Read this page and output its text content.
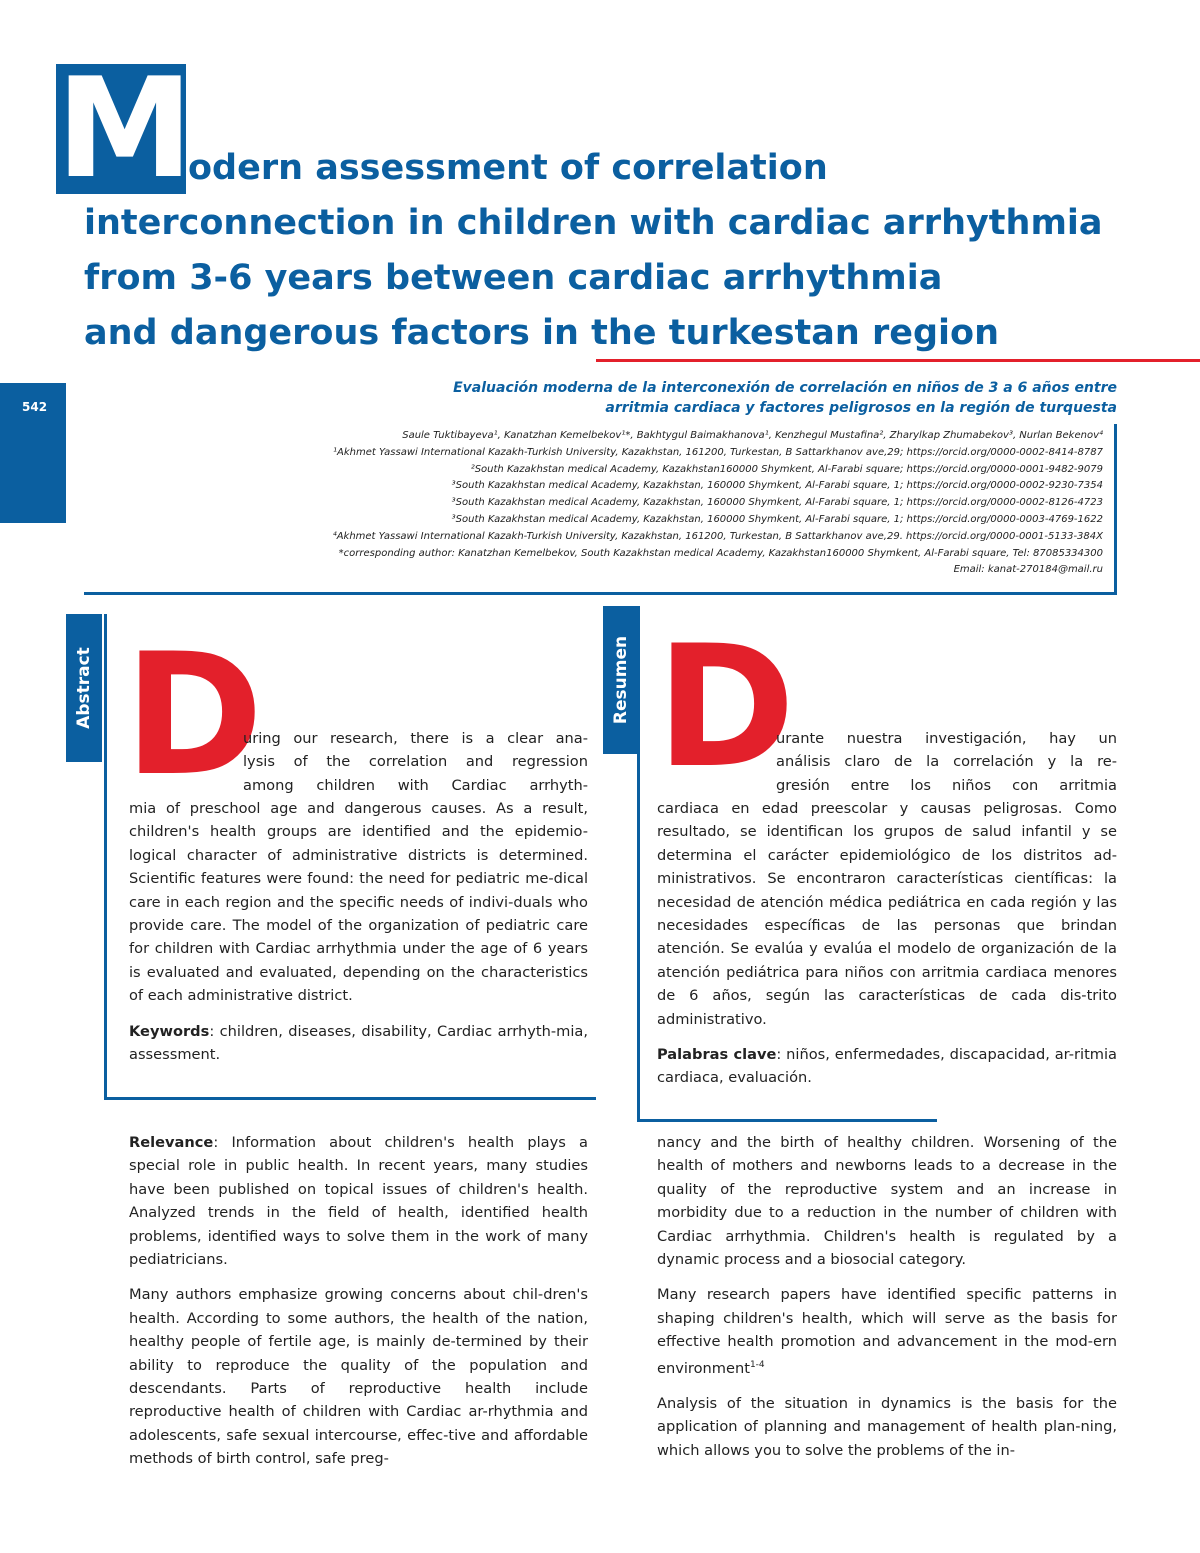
M
odern assessment of correlation
interconnection in children with cardiac arrhythmia
from 3-6 years between cardiac arrhythmia
and dangerous factors in the turkestan region
542
Evaluación moderna de la interconexión de correlación en niños de 3 a 6 años entre
arritmia cardiaca y factores peligrosos en la región de turquesta
Saule Tuktibayeva¹, Kanatzhan Kemelbekov¹*, Bakhtygul Baimakhanova¹, Kenzhegul Mustafina², Zharylkap Zhumabekov³, Nurlan Bekenov⁴
¹Akhmet Yassawi International Kazakh-Turkish University, Kazakhstan, 161200, Turkestan, B Sattarkhanov ave,29; https://orcid.org/0000-0002-8414-8787
²South Kazakhstan medical Academy, Kazakhstan160000 Shymkent, Al-Farabi square; https://orcid.org/0000-0001-9482-9079
³South Kazakhstan medical Academy, Kazakhstan, 160000 Shymkent, Al-Farabi square, 1; https://orcid.org/0000-0002-9230-7354
³South Kazakhstan medical Academy, Kazakhstan, 160000 Shymkent, Al-Farabi square, 1; https://orcid.org/0000-0002-8126-4723
³South Kazakhstan medical Academy, Kazakhstan, 160000 Shymkent, Al-Farabi square, 1; https://orcid.org/0000-0003-4769-1622
⁴Akhmet Yassawi International Kazakh-Turkish University, Kazakhstan, 161200, Turkestan, B Sattarkhanov ave,29. https://orcid.org/0000-0001-5133-384X
*corresponding author: Kanatzhan Kemelbekov, South Kazakhstan medical Academy, Kazakhstan160000 Shymkent, Al-Farabi square, Tel: 87085334300
Email: kanat-270184@mail.ru
Abstract D
uring our research, there is a clear ana-
lysis of the correlation and regression
among children with Cardiac arrhyth-

mia of preschool age and dangerous causes. As a result, children's health groups are identified and the epidemio-logical character of administrative districts is determined. Scientific features were found: the need for pediatric me-dical care in each region and the specific needs of indivi-duals who provide care. The model of the organization of pediatric care for children with Cardiac arrhythmia under the age of 6 years is evaluated and evaluated, depending on the characteristics of each administrative district.

Keywords: children, diseases, disability, Cardiac arrhyth-mia, assessment.

Resumen D
urante nuestra investigación, hay un
análisis claro de la correlación y la re-
gresión entre los niños con arritmia

cardiaca en edad preescolar y causas peligrosas. Como resultado, se identifican los grupos de salud infantil y se determina el carácter epidemiológico de los distritos ad-ministrativos. Se encontraron características científicas: la necesidad de atención médica pediátrica en cada región y las necesidades específicas de las personas que brindan atención. Se evalúa y evalúa el modelo de organización de la atención pediátrica para niños con arritmia cardiaca menores de 6 años, según las características de cada dis-trito administrativo.

Palabras clave: niños, enfermedades, discapacidad, ar-ritmia cardiaca, evaluación.

Relevance: Information about children's health plays a special role in public health. In recent years, many studies have been published on topical issues of children's health. Analyzed trends in the field of health, identified health problems, identified ways to solve them in the work of many pediatricians.

Many authors emphasize growing concerns about chil-dren's health. According to some authors, the health of the nation, healthy people of fertile age, is mainly de-termined by their ability to reproduce the quality of the population and descendants. Parts of reproductive health include reproductive health of children with Cardiac ar-rhythmia and adolescents, safe sexual intercourse, effec-tive and affordable methods of birth control, safe preg-

nancy and the birth of healthy children. Worsening of the health of mothers and newborns leads to a decrease in the quality of the reproductive system and an increase in morbidity due to a reduction in the number of children with Cardiac arrhythmia. Children's health is regulated by a dynamic process and a biosocial category.

Many research papers have identified specific patterns in shaping children's health, which will serve as the basis for effective health promotion and advancement in the mod-ern environment$^{1-4}$

Analysis of the situation in dynamics is the basis for the application of planning and management of health plan-ning, which allows you to solve the problems of the in-
